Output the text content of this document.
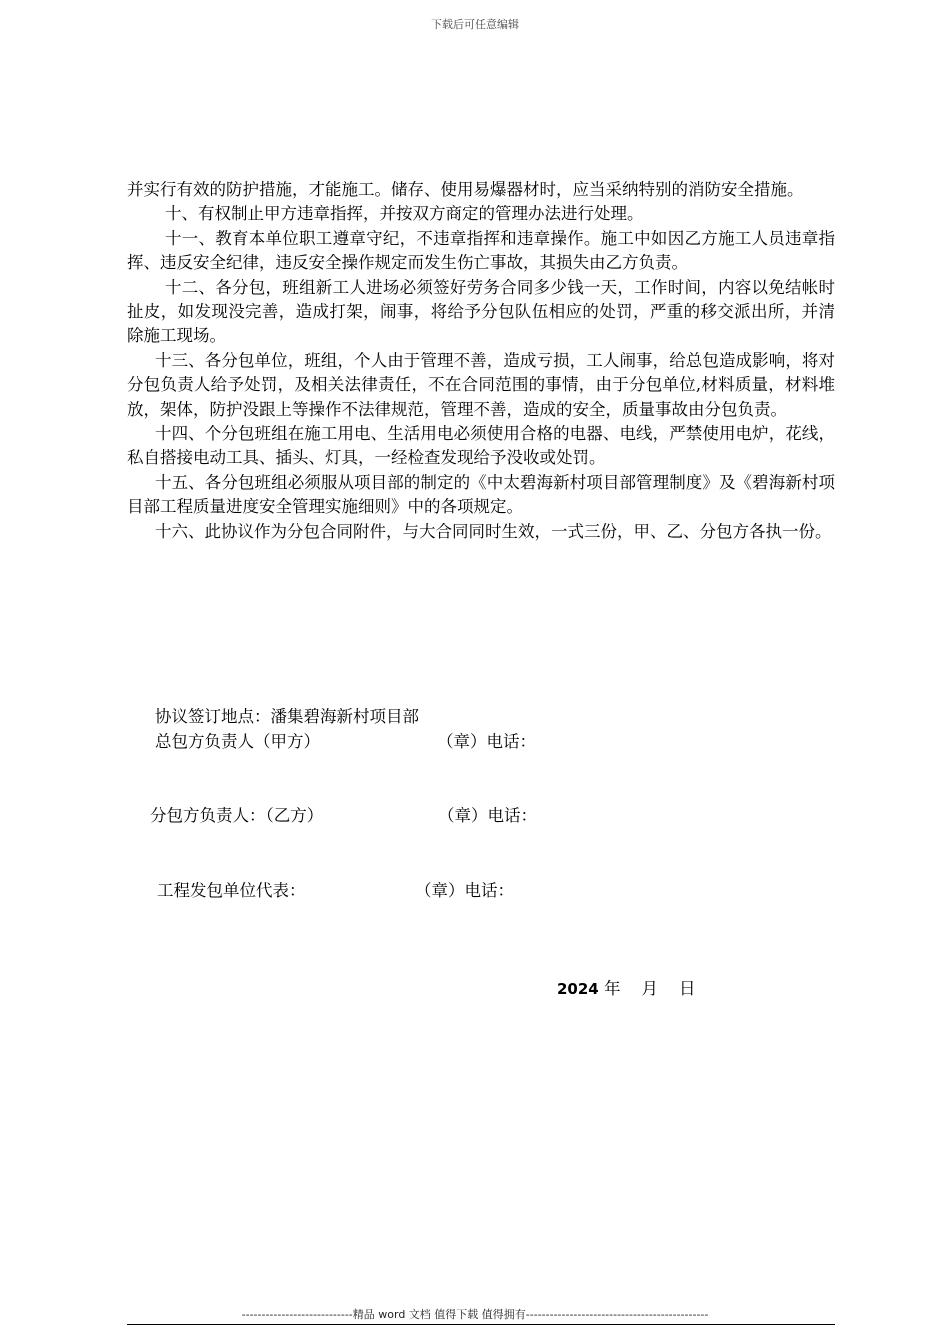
下载后可任意编辑

并实行有效的防护措施，才能施工。储存、使用易爆器材时，应当采纳特别的消防安全措施。

十、有权制止甲方违章指挥，并按双方商定的管理办法进行处理。

十一、教育本单位职工遵章守纪，不违章指挥和违章操作。施工中如因乙方施工人员违章指挥、违反安全纪律，违反安全操作规定而发生伤亡事故，其损失由乙方负责。

十二、各分包，班组新工人进场必须签好劳务合同多少钱一天，工作时间，内容以免结帐时扯皮，如发现没完善，造成打架，闹事，将给予分包队伍相应的处罚，严重的移交派出所，并清除施工现场。

十三、各分包单位，班组，个人由于管理不善，造成亏损，工人闹事，给总包造成影响，将对分包负责人给予处罚，及相关法律责任，不在合同范围的事情，由于分包单位,材料质量，材料堆放，架体，防护没跟上等操作不法律规范，管理不善，造成的安全，质量事故由分包负责。

十四、个分包班组在施工用电、生活用电必须使用合格的电器、电线，严禁使用电炉，花线，私自搭接电动工具、插头、灯具，一经检查发现给予没收或处罚。

十五、各分包班组必须服从项目部的制定的《中太碧海新村项目部管理制度》及《碧海新村项目部工程质量进度安全管理实施细则》中的各项规定。

十六、此协议作为分包合同附件，与大合同同时生效，一式三份，甲、乙、分包方各执一份。

协议签订地点：潘集碧海新村项目部
总包方负责人（甲方）	（章）电话：
分包方负责人：（乙方）	（章）电话：
工程发包单位代表：	（章）电话：
2024 年 月 日
----------------------------精品 word 文档 值得下载 值得拥有----------------------------------------------
